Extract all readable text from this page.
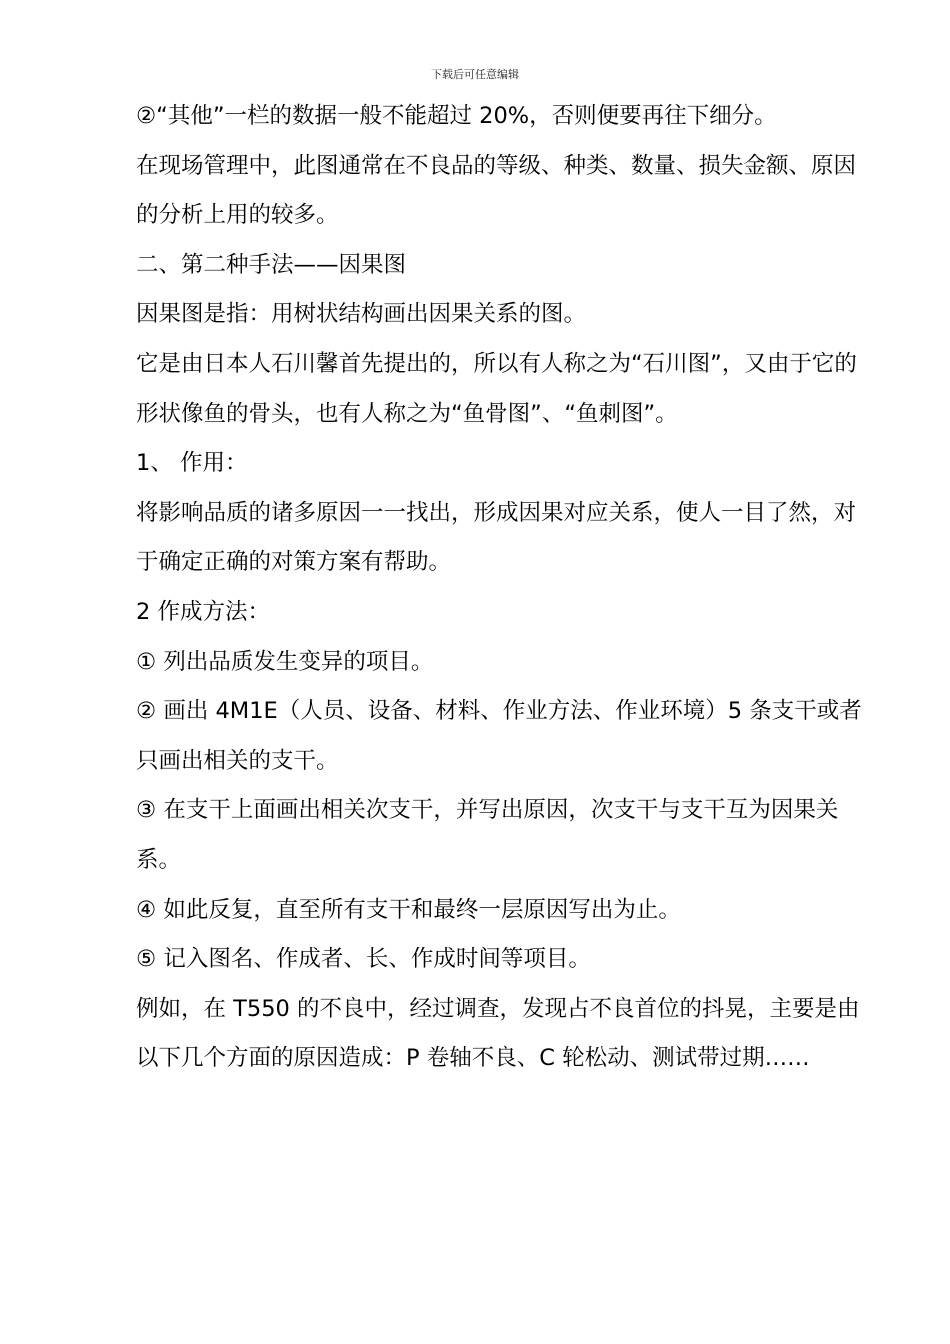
下载后可任意编辑

②“其他”一栏的数据一般不能超过 20%，否则便要再往下细分。

在现场管理中，此图通常在不良品的等级、种类、数量、损失金额、原因的分析上用的较多。

二、第二种手法——因果图

因果图是指：用树状结构画出因果关系的图。

它是由日本人石川馨首先提出的，所以有人称之为“石川图”，又由于它的形状像鱼的骨头，也有人称之为“鱼骨图”、“鱼刺图”。

1、 作用：

将影响品质的诸多原因一一找出，形成因果对应关系，使人一目了然，对于确定正确的对策方案有帮助。

2 作成方法：

① 列出品质发生变异的项目。

② 画出 4M1E（人员、设备、材料、作业方法、作业环境）5 条支干或者只画出相关的支干。

③ 在支干上面画出相关次支干，并写出原因，次支干与支干互为因果关系。

④ 如此反复，直至所有支干和最终一层原因写出为止。

⑤ 记入图名、作成者、长、作成时间等项目。

例如，在 T550 的不良中，经过调查，发现占不良首位的抖晃，主要是由以下几个方面的原因造成：P 卷轴不良、C 轮松动、测试带过期……
